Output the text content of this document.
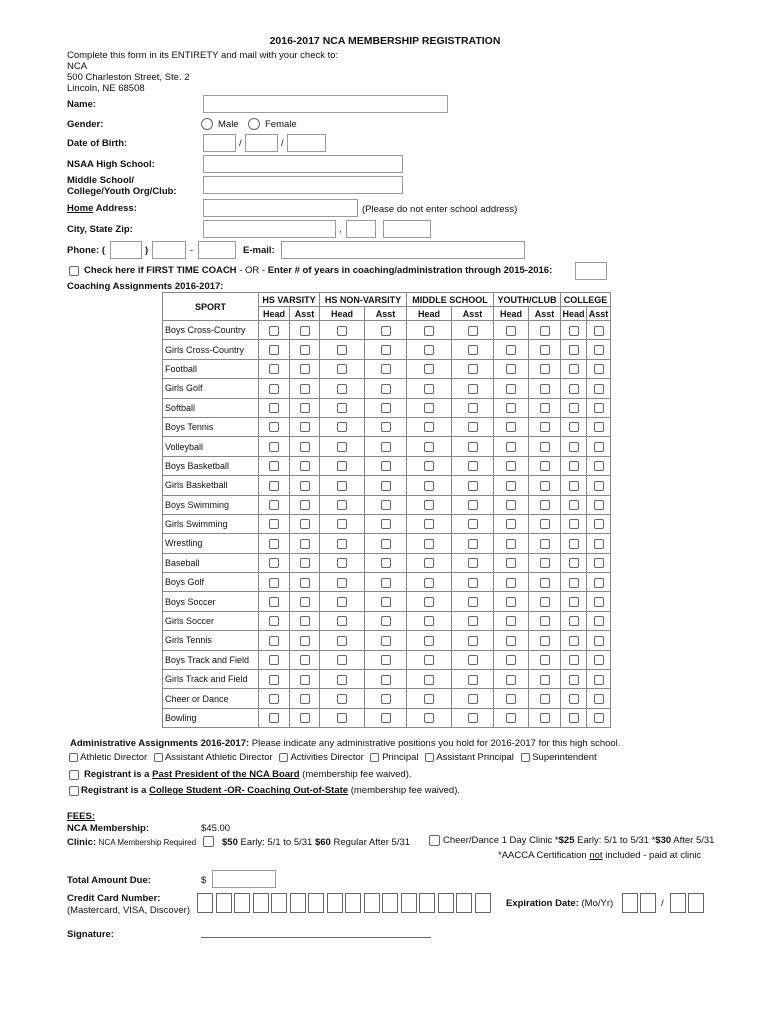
2016-2017 NCA MEMBERSHIP REGISTRATION
Complete this form in its ENTIRETY and mail with your check to:
NCA
500 Charleston Street, Ste. 2
Lincoln, NE 68508
Name:
Gender:	Male	Female
Date of Birth:	/	/
NSAA High School:
Middle School/
College/Youth Org/Club:
Home Address:	(Please do not enter school address)
City, State Zip:	,
Phone: (	)	-	E-mail:
Check here if FIRST TIME COACH - OR - Enter # of years in coaching/administration through 2015-2016:
Coaching Assignments 2016-2017:
SPORT	HS VARSITY		HS NON-VARSITY		MIDDLE SCHOOL		YOUTH/CLUB		COLLEGE	
	Head	Asst	Head	Asst	Head	Asst	Head	Asst	Head	Asst
Boys Cross-Country										
Girls Cross-Country										
Football										
Girls Golf										
Softball										
Boys Tennis										
Volleyball										
Boys Basketball										
Girls Basketball										
Boys Swimming										
Girls Swimming										
Wrestling										
Baseball										
Boys Golf										
Boys Soccer										
Girls Soccer										
Girls Tennis										
Boys Track and Field										
Girls Track and Field										
Cheer or Dance										
Bowling										
Administrative Assignments 2016-2017: Please indicate any administrative positions you hold for 2016-2017 for this high school.
Athletic Director Assistant Athletic Director Activities Director Principal Assistant Principal Superintendent
Registrant is a Past President of the NCA Board (membership fee waived).
Registrant is a College Student -OR- Coaching Out-of-State (membership fee waived).
FEES:
NCA Membership:	$45.00
Clinic: NCA Membership Required	$50 Early: 5/1 to 5/31 $60 Regular After 5/31	Cheer/Dance 1 Day Clinic *$25 Early: 5/1 to 5/31 *$30 After 5/31
*AACCA Certification not included - paid at clinic
Total Amount Due:	$
Credit Card Number:
(Mastercard, VISA, Discover)
Expiration Date: (Mo/Yr)	/
Signature:
